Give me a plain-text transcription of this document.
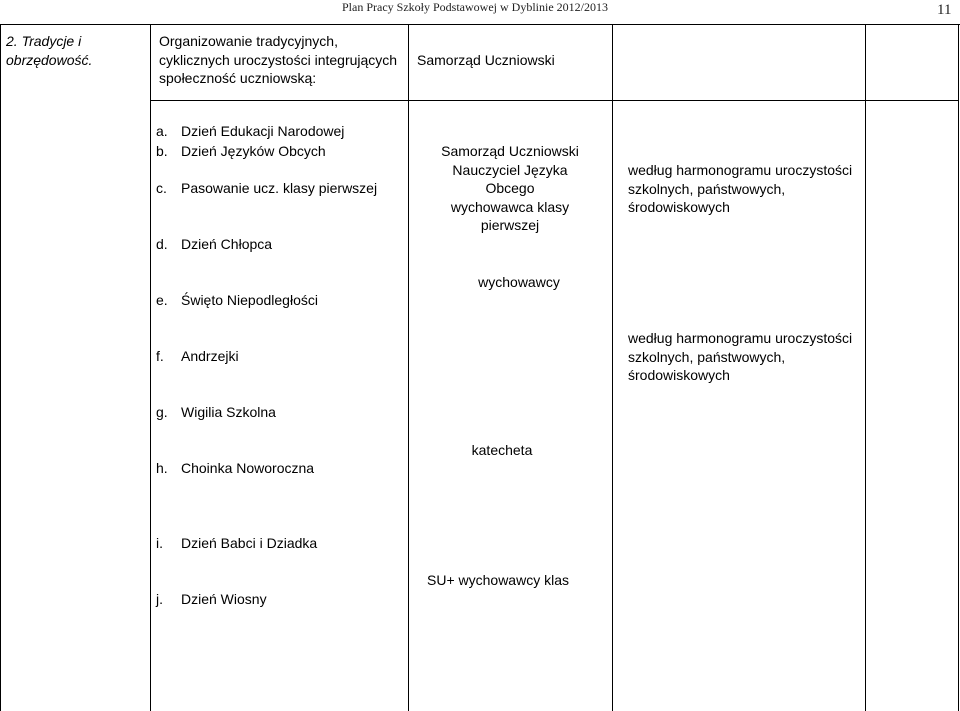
Plan Pracy Szkoły Podstawowej w Dyblinie 2012/2013	11
2. Tradycje i
obrzędowość.
Organizowanie tradycyjnych,
cyklicznych uroczystości integrujących
społeczność uczniowską:
Samorząd Uczniowski
a. Dzień Edukacji Narodowej
b. Dzień Języków Obcych
c. Pasowanie ucz. klasy pierwszej
d. Dzień Chłopca
e. Święto Niepodległości
f. Andrzejki
g. Wigilia Szkolna
h. Choinka Noworoczna
i. Dzień Babci i Dziadka
j. Dzień Wiosny
Samorząd Uczniowski
Nauczyciel Języka
Obcego
wychowawca klasy
pierwszej
wychowawcy
katecheta
SU+ wychowawcy klas
według harmonogramu uroczystości
szkolnych, państwowych,
środowiskowych
według harmonogramu uroczystości
szkolnych, państwowych,
środowiskowych
